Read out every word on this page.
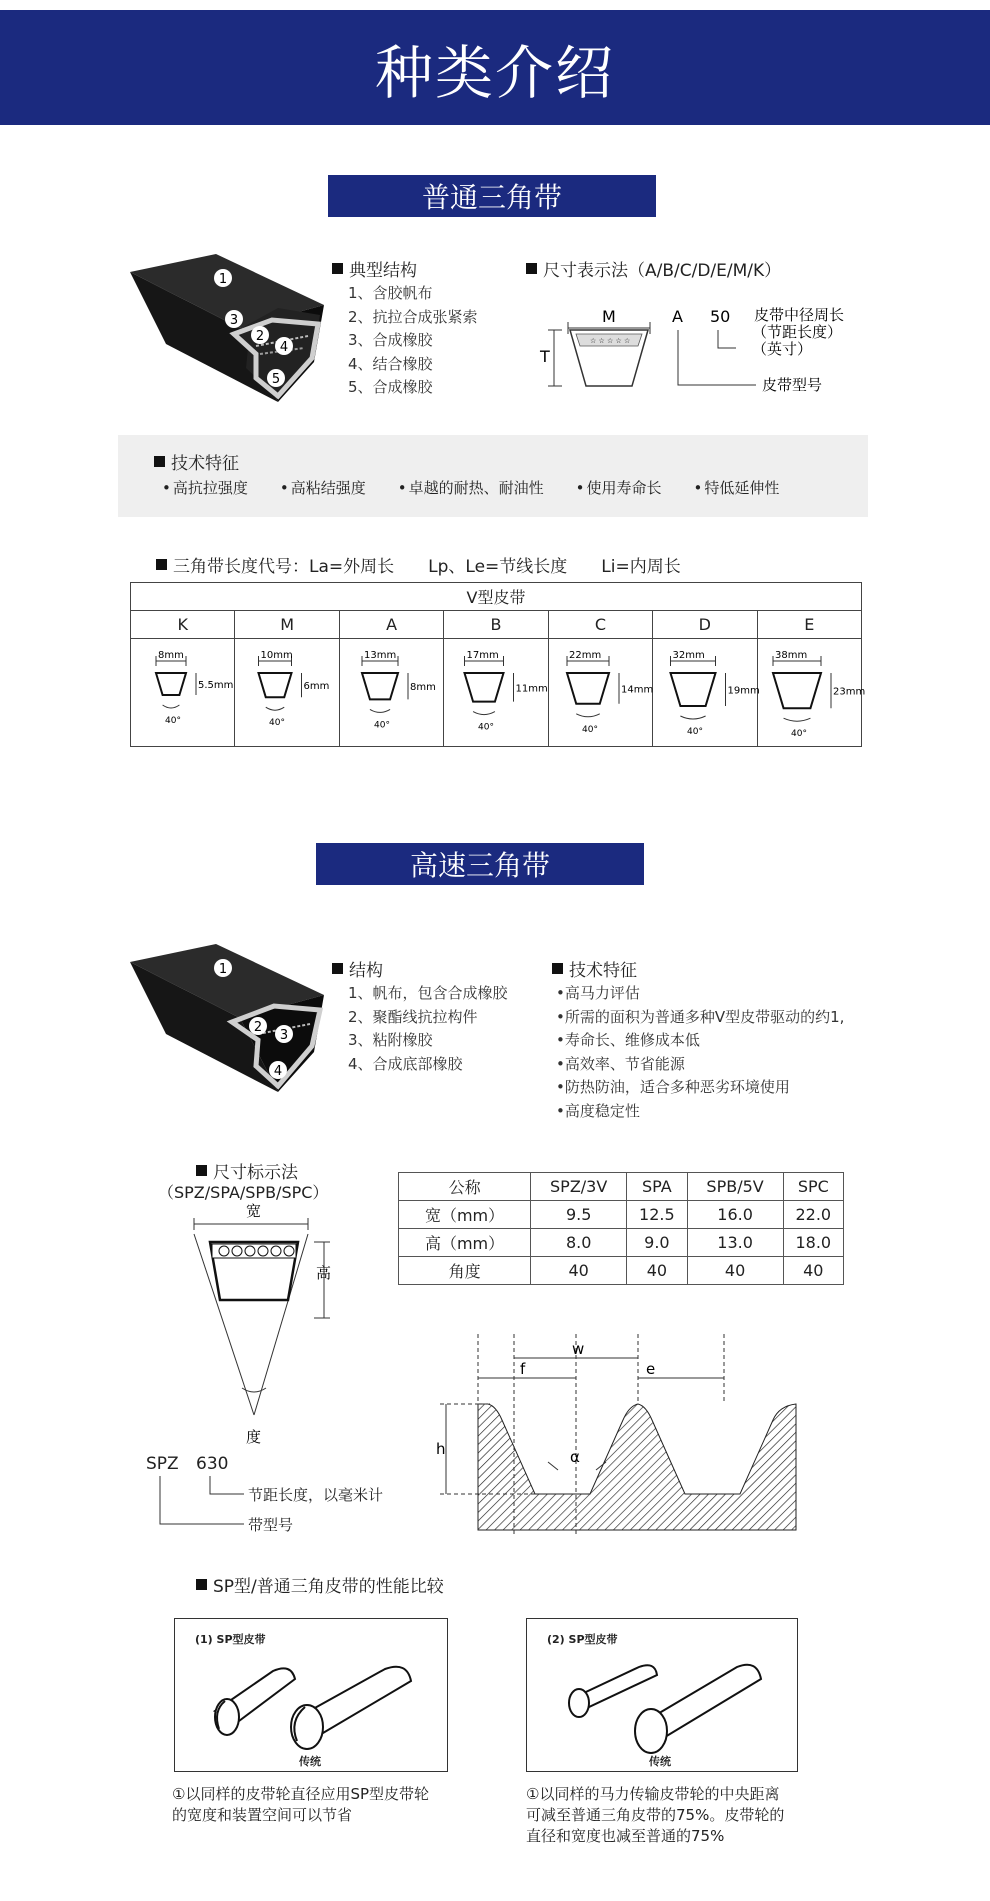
种类介绍
普通三角带
1
3
2
4
5
典型结构
1、含胶帆布
2、抗拉合成张紧索
3、合成橡胶
4、结合橡胶
5、合成橡胶
尺寸表示法（A/B/C/D/E/M/K）
☆ ☆ ☆ ☆ ☆
M
T
A 50 皮带中径周长
（节距长度）
（英寸）
皮带型号
技术特征
• 高抗拉强度	• 高粘结强度	• 卓越的耐热、耐油性	• 使用寿命长	• 特低延伸性
三角带长度代号：La=外周长　　Lp、Le=节线长度　　Li=内周长
V型皮带						
K	M	A	B	C	D	E

8mm
5.5mm
40°	10mm
6mm
40°	13mm
8mm
40°	17mm
11mm
40°	22mm
14mm
40°	32mm
19mm
40°	38mm
23mm
40°
高速三角带
1
2
3
4
结构
1、帆布，包含合成橡胶
2、聚酯线抗拉构件
3、粘附橡胶
4、合成底部橡胶
技术特征
•高马力评估
•所需的面积为普通多种V型皮带驱动的约1,
•寿命长、维修成本低
•高效率、节省能源
•防热防油，适合多种恶劣环境使用
•高度稳定性
尺寸标示法
（SPZ/SPA/SPB/SPC）
宽
高
度
SPZ 630
节距长度，以毫米计
带型号
公称	SPZ/3V	SPA	SPB/5V	SPC
宽（mm）	9.5	12.5	16.0	22.0
高（mm）	8.0	9.0	13.0	18.0
角度	40	40	40	40
w
f	e
h	α
SP型/普通三角皮带的性能比较
(1) SP型皮带
传统
①以同样的皮带轮直径应用SP型皮带轮
的宽度和装置空间可以节省
(2) SP型皮带
传统
①以同样的马力传输皮带轮的中央距离
可减至普通三角皮带的75%。皮带轮的
直径和宽度也减至普通的75%
